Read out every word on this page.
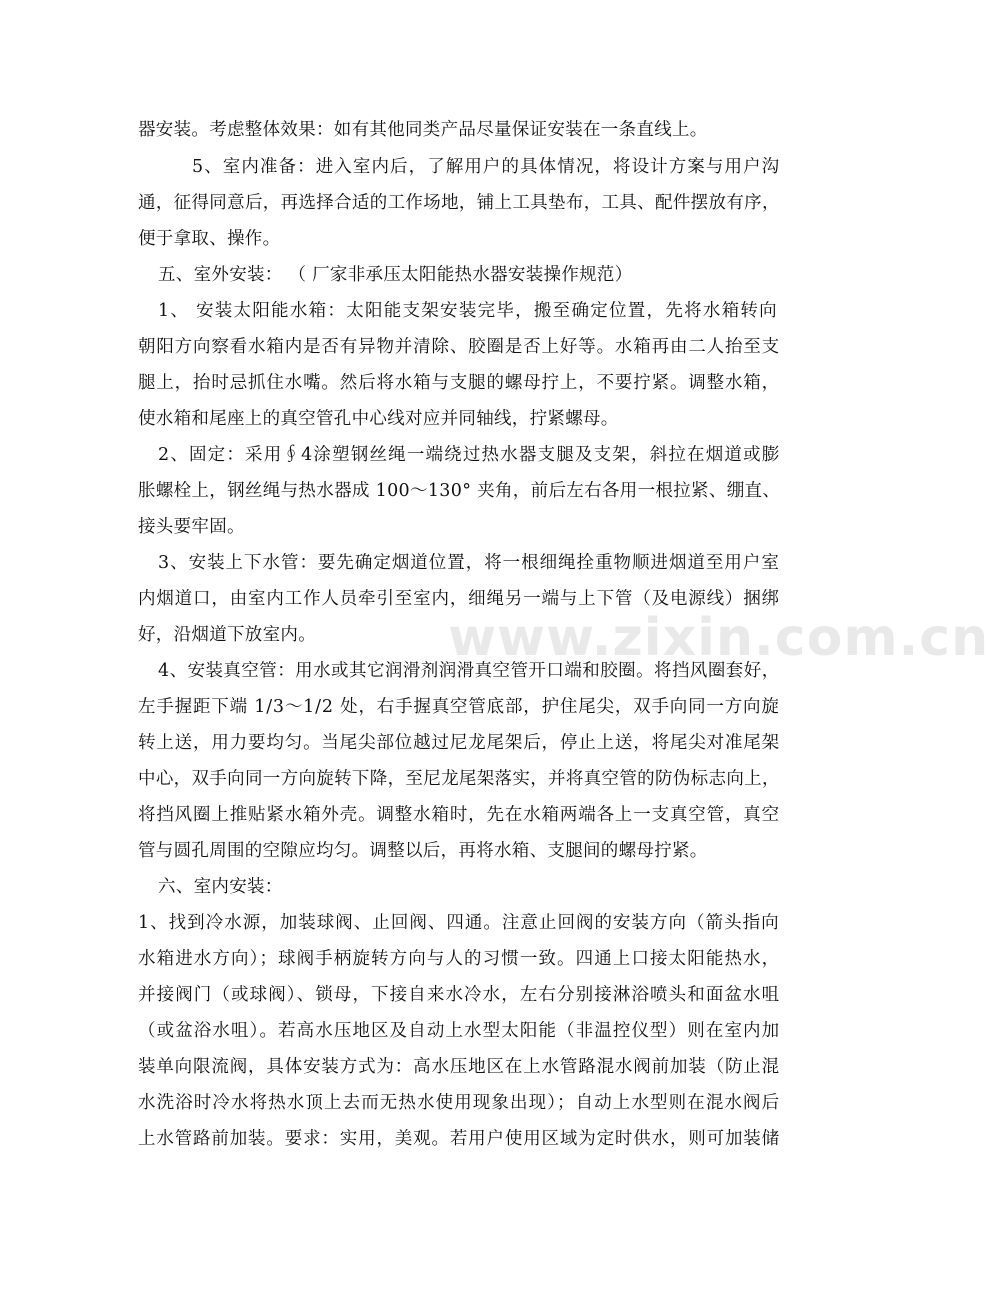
器安装。考虑整体效果：如有其他同类产品尽量保证安装在一条直线上。

5、室内准备：进入室内后，了解用户的具体情况，将设计方案与用户沟

通，征得同意后，再选择合适的工作场地，铺上工具垫布，工具、配件摆放有序，

便于拿取、操作。

五、室外安装： （ 厂家非承压太阳能热水器安装操作规范）

1、 安装太阳能水箱：太阳能支架安装完毕，搬至确定位置，先将水箱转向

朝阳方向察看水箱内是否有异物并清除、胶圈是否上好等。水箱再由二人抬至支

腿上，抬时忌抓住水嘴。然后将水箱与支腿的螺母拧上，不要拧紧。调整水箱，

使水箱和尾座上的真空管孔中心线对应并同轴线，拧紧螺母。

2、固定：采用∮4涂塑钢丝绳一端绕过热水器支腿及支架，斜拉在烟道或膨

胀螺栓上，钢丝绳与热水器成 100～130° 夹角，前后左右各用一根拉紧、绷直、

接头要牢固。

3、安装上下水管：要先确定烟道位置，将一根细绳拴重物顺进烟道至用户室

内烟道口，由室内工作人员牵引至室内，细绳另一端与上下管（及电源线）捆绑

好，沿烟道下放室内。

4、安装真空管：用水或其它润滑剂润滑真空管开口端和胶圈。将挡风圈套好，

左手握距下端 1/3～1/2 处，右手握真空管底部，护住尾尖，双手向同一方向旋

转上送，用力要均匀。当尾尖部位越过尼龙尾架后，停止上送，将尾尖对准尾架

中心，双手向同一方向旋转下降，至尼龙尾架落实，并将真空管的防伪标志向上，

将挡风圈上推贴紧水箱外壳。调整水箱时，先在水箱两端各上一支真空管，真空

管与圆孔周围的空隙应均匀。调整以后，再将水箱、支腿间的螺母拧紧。

六、室内安装：

1、找到冷水源，加装球阀、止回阀、四通。注意止回阀的安装方向（箭头指向

水箱进水方向）；球阀手柄旋转方向与人的习惯一致。四通上口接太阳能热水，

并接阀门（或球阀）、锁母，下接自来水冷水，左右分别接淋浴喷头和面盆水咀

（或盆浴水咀）。若高水压地区及自动上水型太阳能（非温控仪型）则在室内加

装单向限流阀，具体安装方式为：高水压地区在上水管路混水阀前加装（防止混

水洗浴时冷水将热水顶上去而无热水使用现象出现）；自动上水型则在混水阀后

上水管路前加装。要求：实用，美观。若用户使用区域为定时供水，则可加装储

www.zixin.com.cn
